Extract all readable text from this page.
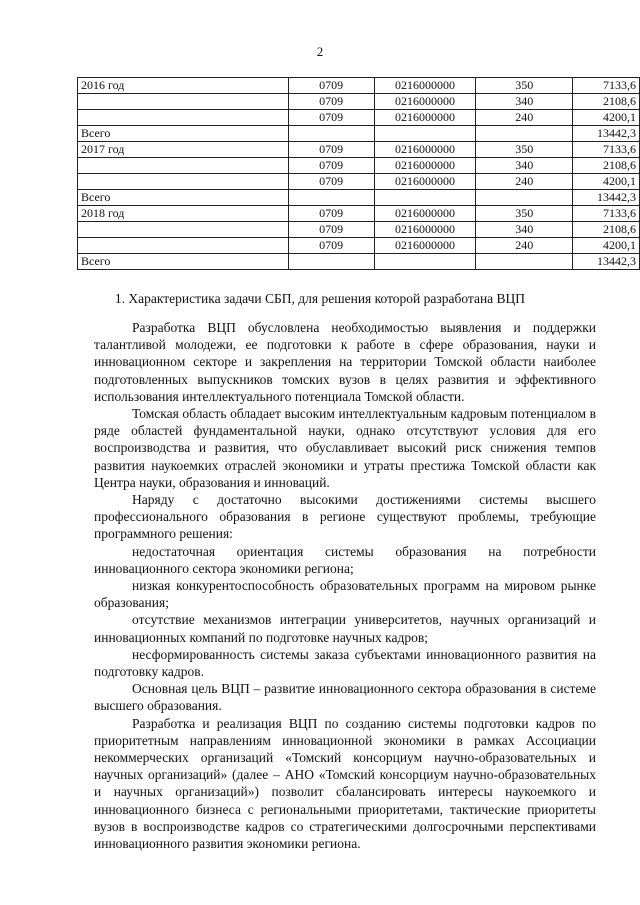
2
2016 год	0709	0216000000	350	7133,6
	0709	0216000000	340	2108,6
	0709	0216000000	240	4200,1
Всего				13442,3
2017 год	0709	0216000000	350	7133,6
	0709	0216000000	340	2108,6
	0709	0216000000	240	4200,1
Всего				13442,3
2018 год	0709	0216000000	350	7133,6
	0709	0216000000	340	2108,6
	0709	0216000000	240	4200,1
Всего				13442,3
1. Характеристика задачи СБП, для решения которой разработана ВЦП

Разработка ВЦП обусловлена необходимостью выявления и поддержки талантливой молодежи, ее подготовки к работе в сфере образования, науки и инновационном секторе и закрепления на территории Томской области наиболее подготовленных выпускников томских вузов в целях развития и эффективного использования интеллектуального потенциала Томской области.

Томская область обладает высоким интеллектуальным кадровым потенциалом в ряде областей фундаментальной науки, однако отсутствуют условия для его воспроизводства и развития, что обуславливает высокий риск снижения темпов развития наукоемких отраслей экономики и утраты престижа Томской области как Центра науки, образования и инноваций.

Наряду с достаточно высокими достижениями системы высшего профессионального образования в регионе существуют проблемы, требующие программного решения:

недостаточная ориентация системы образования на потребности инновационного сектора экономики региона;

низкая конкурентоспособность образовательных программ на мировом рынке образования;

отсутствие механизмов интеграции университетов, научных организаций и инновационных компаний по подготовке научных кадров;

несформированность системы заказа субъектами инновационного развития на подготовку кадров.

Основная цель ВЦП – развитие инновационного сектора образования в системе высшего образования.

Разработка и реализация ВЦП по созданию системы подготовки кадров по приоритетным направлениям инновационной экономики в рамках Ассоциации некоммерческих организаций «Томский консорциум научно-образовательных и научных организаций» (далее – АНО «Томский консорциум научно-образовательных и научных организаций») позволит сбалансировать интересы наукоемкого и инновационного бизнеса с региональными приоритетами, тактические приоритеты вузов в воспроизводстве кадров со стратегическими долгосрочными перспективами инновационного развития экономики региона.
